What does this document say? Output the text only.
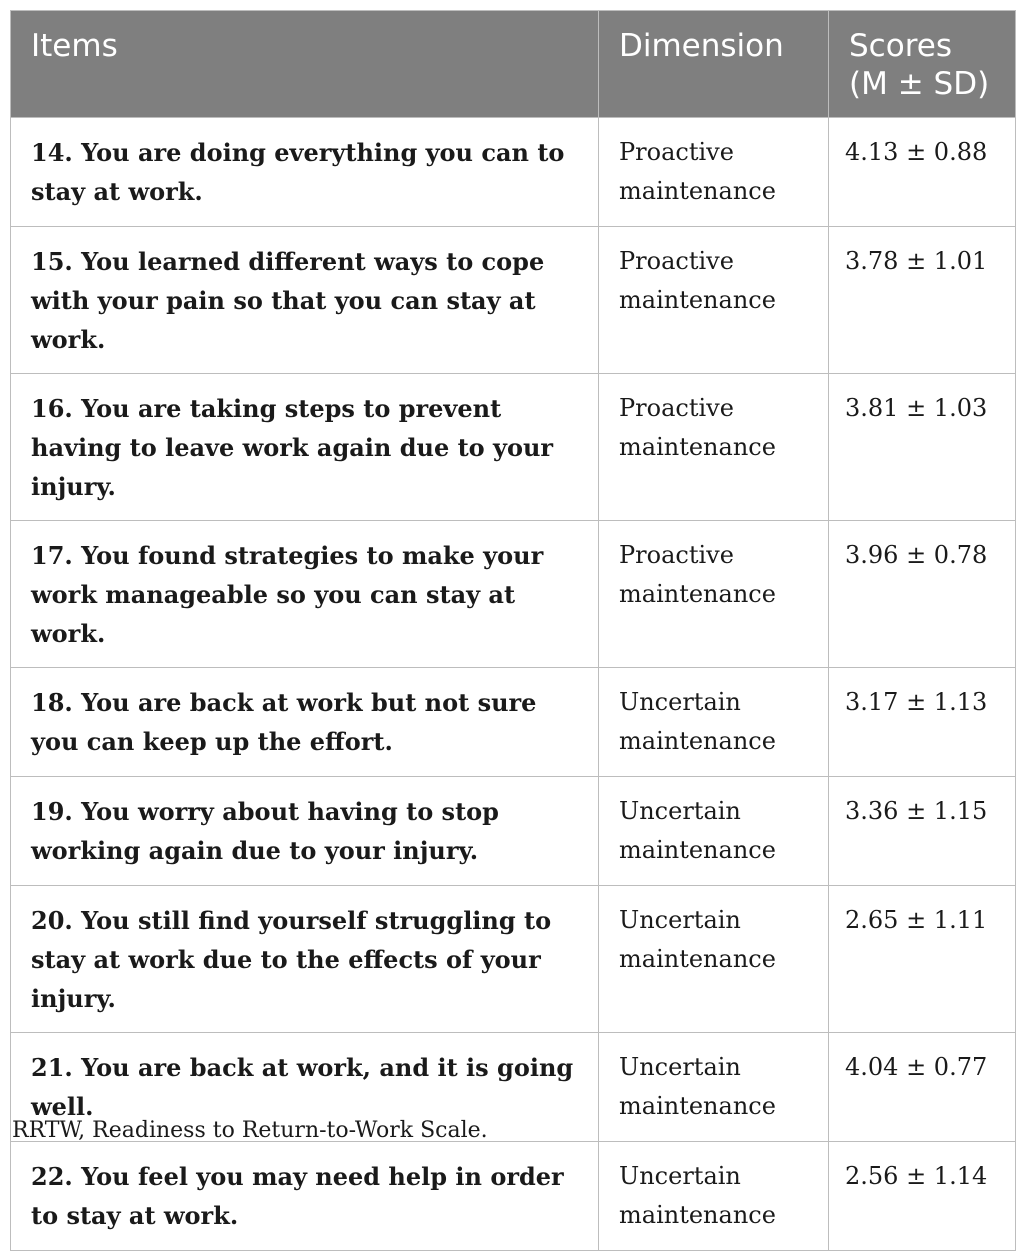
Items	Dimension	Scores
(M ± SD)

14. You are doing everything you can to stay at work.	Proactive maintenance	4.13 ± 0.88
15. You learned different ways to cope with your pain so that you can stay at work.	Proactive maintenance	3.78 ± 1.01
16. You are taking steps to prevent having to leave work again due to your injury.	Proactive maintenance	3.81 ± 1.03
17. You found strategies to make your work manageable so you can stay at work.	Proactive maintenance	3.96 ± 0.78
18. You are back at work but not sure you can keep up the effort.	Uncertain maintenance	3.17 ± 1.13
19. You worry about having to stop working again due to your injury.	Uncertain maintenance	3.36 ± 1.15
20. You still find yourself struggling to stay at work due to the effects of your injury.	Uncertain maintenance	2.65 ± 1.11
21. You are back at work, and it is going well.	Uncertain maintenance	4.04 ± 0.77
22. You feel you may need help in order to stay at work.	Uncertain maintenance	2.56 ± 1.14
RRTW, Readiness to Return-to-Work Scale.
